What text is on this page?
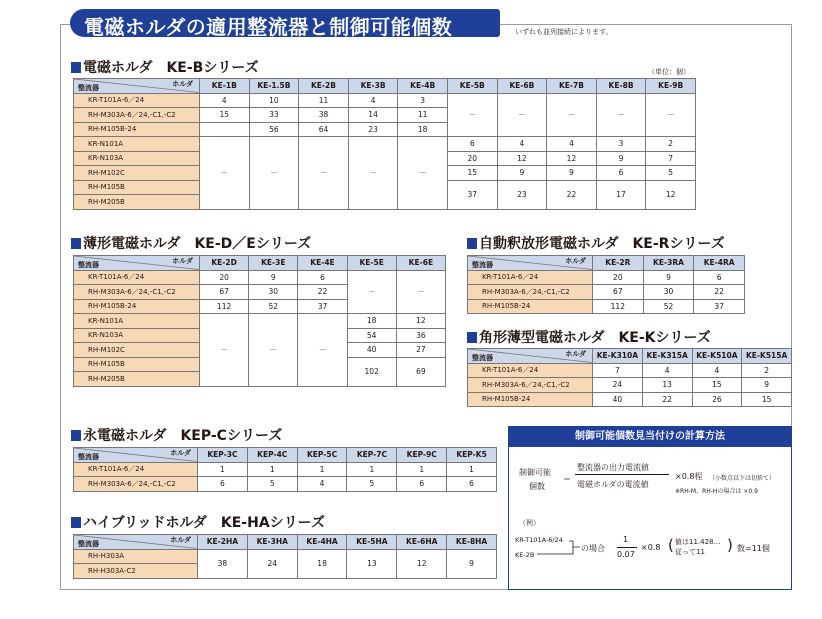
電磁ホルダの適用整流器と制御可能個数	いずれも並列接続によります。
電磁ホルダ　KE-Bシリーズ	（単位：個）
ホルダ
整流器	KE-1B	KE-1.5B	KE-2B	KE-3B	KE-4B	KE-5B	KE-6B	KE-7B	KE-8B	KE-9B
KR-T101A-6／24	4	10	11	4	3	－	－	－	－	－
RH-M303A-6／24,-C1,-C2	15	33	38	14	11					
RH-M105B-24		56	64	23	18					
KR-N101A	－	－	－	－	－	6	4	4	3	2
KR-N103A						20	12	12	9	7
RH-M102C						15	9	9	6	5
RH-M105B						37	23	22	17	12
RH-M205B										
薄形電磁ホルダ　KE-D／Eシリーズ
ホルダ
整流器	KE-2D	KE-3E	KE-4E	KE-5E	KE-6E
KR-T101A-6／24	20	9	6	－	－
RH-M303A-6／24,-C1,-C2	67	30	22		
RH-M105B-24	112	52	37		
KR-N101A	－	－	－	18	12
KR-N103A				54	36
RH-M102C				40	27
RH-M105B				102	69
RH-M205B					
自動釈放形電磁ホルダ　KE-Rシリーズ
ホルダ
整流器	KE-2R	KE-3RA	KE-4RA
KR-T101A-6／24	20	9	6
RH-M303A-6／24,-C1,-C2	67	30	22
RH-M105B-24	112	52	37
角形薄型電磁ホルダ　KE-Kシリーズ
ホルダ
整流器	KE-K310A	KE-K315A	KE-K510A	KE-K515A
KR-T101A-6／24	7	4	4	2
RH-M303A-6／24,-C1,-C2	24	13	15	9
RH-M105B-24	40	22	26	15
永電磁ホルダ　KEP-Cシリーズ
ホルダ
整流器	KEP-3C	KEP-4C	KEP-5C	KEP-7C	KEP-9C	KEP-K5
KR-T101A-6／24	1	1	1	1	1	1
RH-M303A-6／24,-C1,-C2	6	5	4	5	6	6
ハイブリッドホルダ　KE-HAシリーズ
ホルダ
整流器	KE-2HA	KE-3HA	KE-4HA	KE-5HA	KE-6HA	KE-8HA
RH-H303A	38	24	18	13	12	9
RH-H303A-C2						
制御可能個数見当付けの計算方法
制御可能
個数
＝
整流器の出力電流値
電磁ホルダの電流値
×0.8程 （小数点以下は切捨て）
※RH-M、RH-Hの場合は ×0.9
（例）
KR-T101A-6/24
KE-2B
の場合
1
0.07
×0.8 ( 値は11.428…
従って11 ) 数=11個
